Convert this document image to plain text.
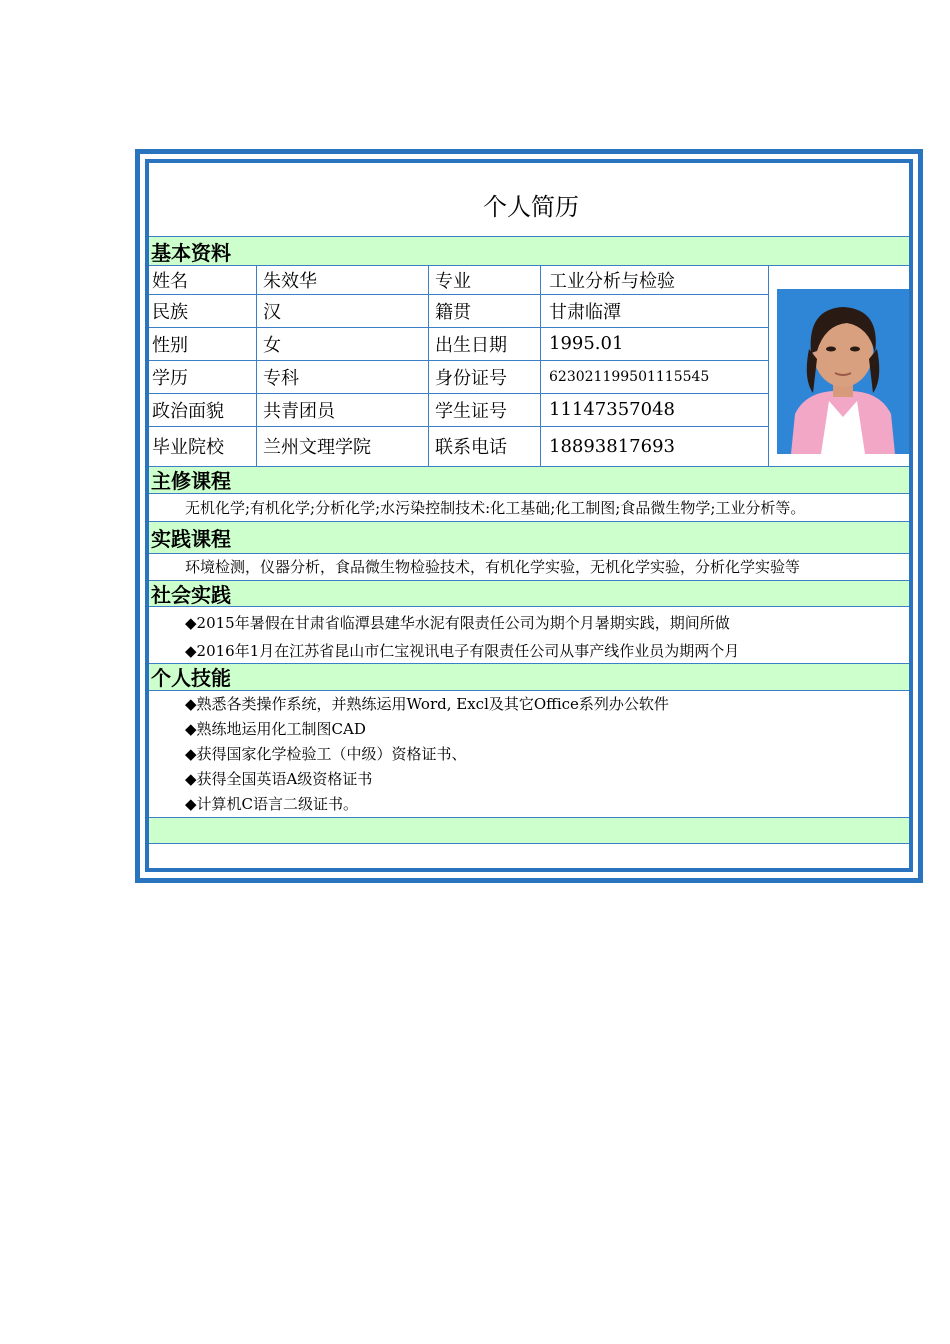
个人简历
基本资料
姓名	朱效华	专业	工业分析与检验
民族	汉	籍贯	甘肃临潭
性别	女	出生日期	1995.01
学历	专科	身份证号	623021199501115545
政治面貌	共青团员	学生证号	11147357048
毕业院校	兰州文理学院	联系电话	18893817693
主修课程
无机化学;有机化学;分析化学;水污染控制技术:化工基础;化工制图;食品微生物学;工业分析等。
实践课程
环境检测，仪器分析，食品微生物检验技术，有机化学实验，无机化学实验，分析化学实验等
社会实践
◆2015年暑假在甘肃省临潭县建华水泥有限责任公司为期个月暑期实践，期间所做
◆2016年1月在江苏省昆山市仁宝视讯电子有限责任公司从事产线作业员为期两个月
个人技能
◆熟悉各类操作系统，并熟练运用Word, Excl及其它Office系列办公软件
◆熟练地运用化工制图CAD
◆获得国家化学检验工（中级）资格证书、
◆获得全国英语A级资格证书
◆计算机C语言二级证书。
